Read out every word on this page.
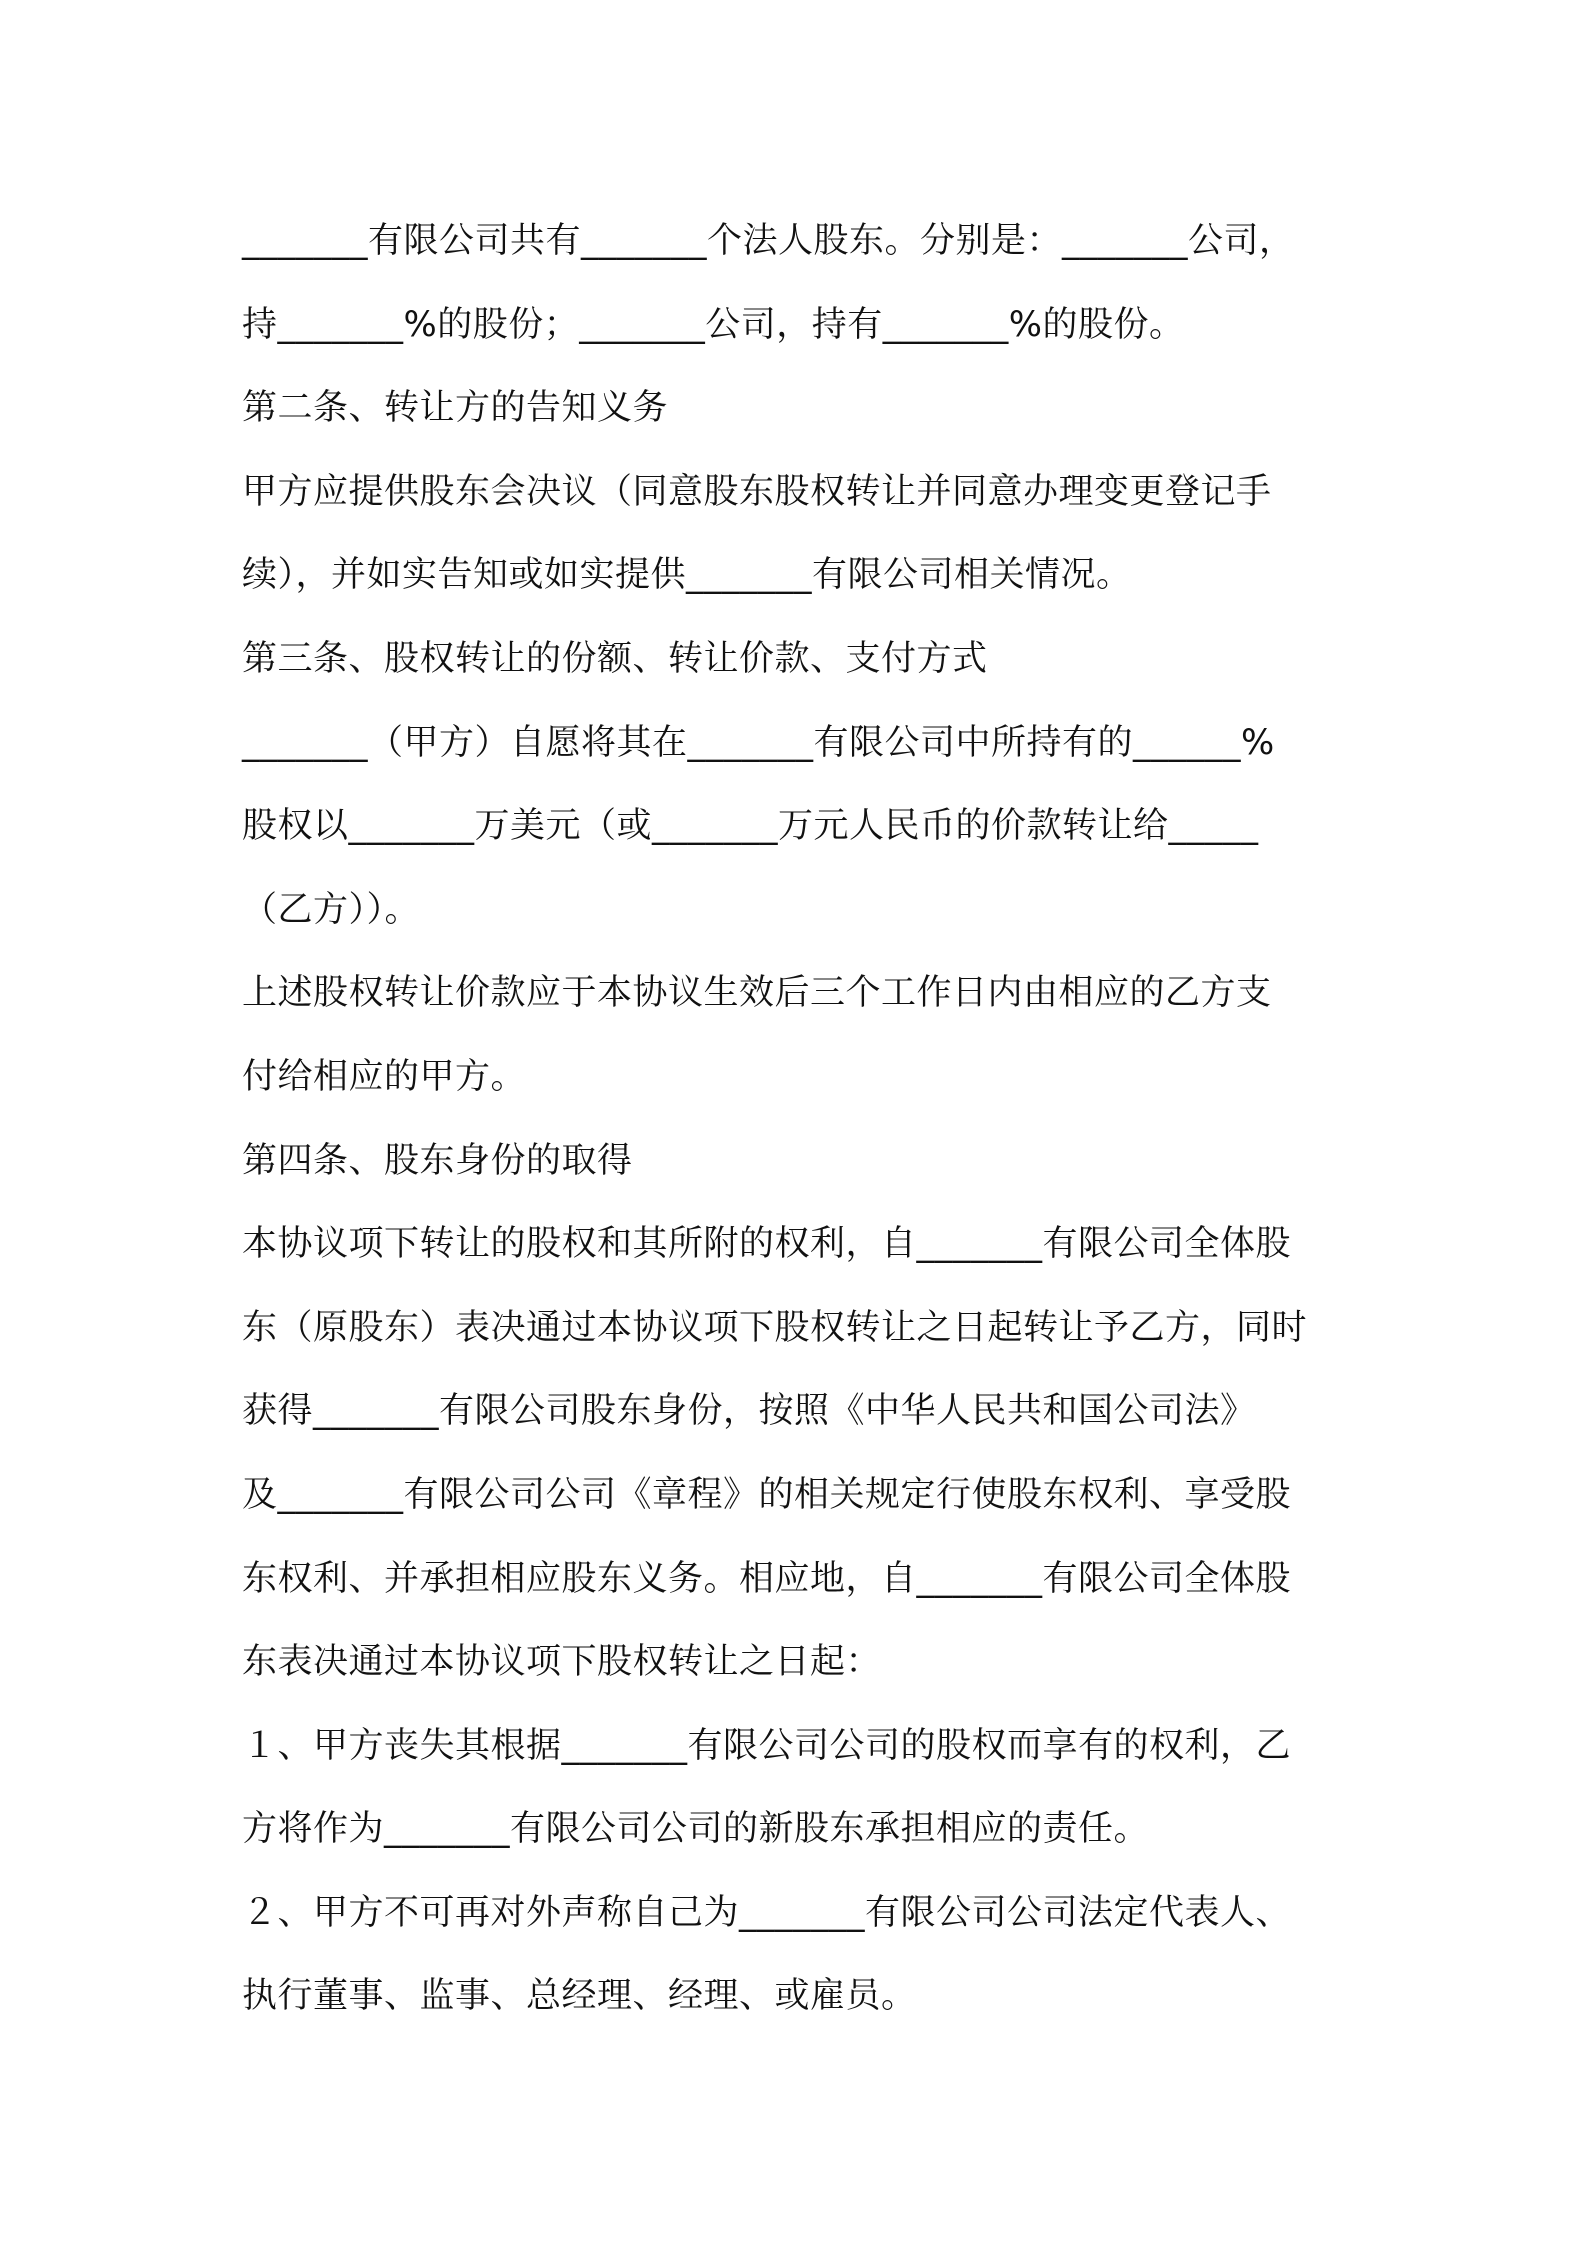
_______有限公司共有_______个法人股东。分别是：_______公司，
持_______%的股份；_______公司，持有_______%的股份。
第二条、转让方的告知义务
甲方应提供股东会决议（同意股东股权转让并同意办理变更登记手
续），并如实告知或如实提供_______有限公司相关情况。
第三条、股权转让的份额、转让价款、支付方式
_______（甲方）自愿将其在_______有限公司中所持有的______%
股权以_______万美元（或_______万元人民币的价款转让给_____
（乙方））。
上述股权转让价款应于本协议生效后三个工作日内由相应的乙方支
付给相应的甲方。
第四条、股东身份的取得
本协议项下转让的股权和其所附的权利，自_______有限公司全体股
东（原股东）表决通过本协议项下股权转让之日起转让予乙方，同时
获得_______有限公司股东身份，按照《中华人民共和国公司法》
及_______有限公司公司《章程》的相关规定行使股东权利、享受股
东权利、并承担相应股东义务。相应地，自_______有限公司全体股
东表决通过本协议项下股权转让之日起：
１、甲方丧失其根据_______有限公司公司的股权而享有的权利，乙
方将作为_______有限公司公司的新股东承担相应的责任。
２、甲方不可再对外声称自己为_______有限公司公司法定代表人、
执行董事、监事、总经理、经理、或雇员。
